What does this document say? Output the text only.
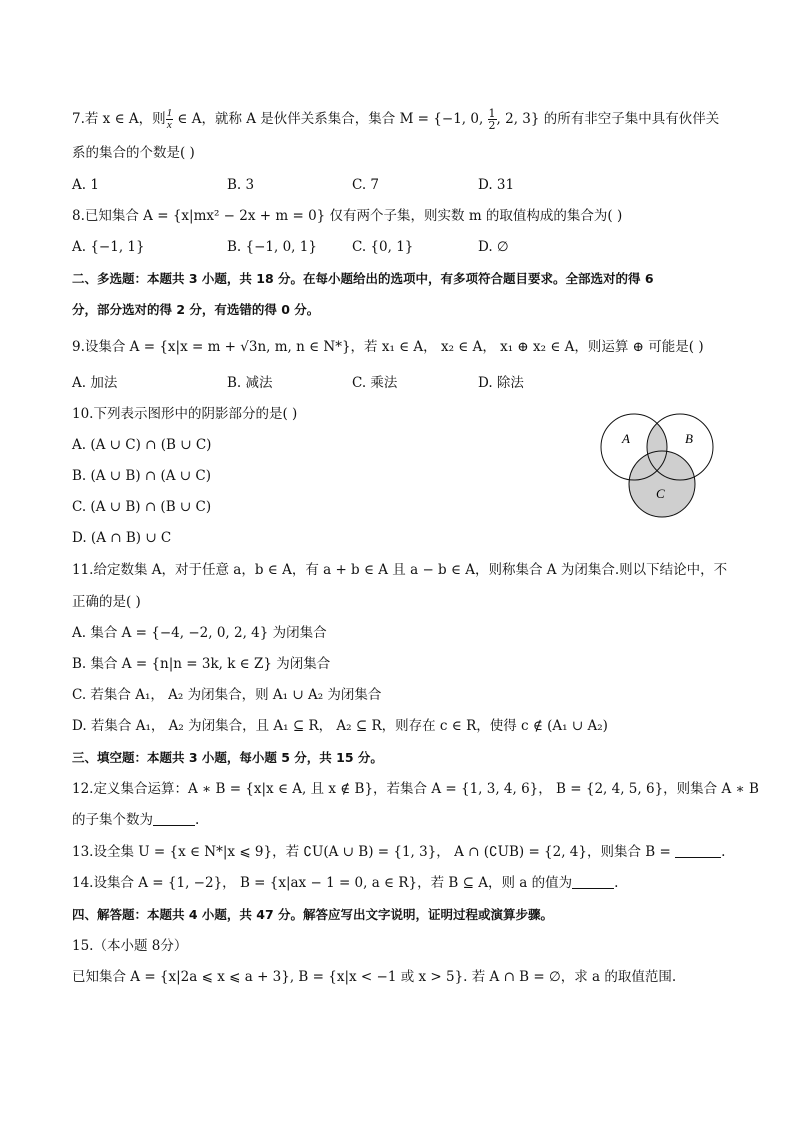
7.若 x ∈ A，则 $\frac{1}{x}$ ∈ A，就称 A 是伙伴关系集合，集合 M = {−1, 0, $\frac{1}{2}$ , 2, 3} 的所有非空子集中具有伙伴关
系的集合的个数是( )
A. 1	B. 3	C. 7	D. 31
8.已知集合 A = {x|mx² − 2x + m = 0} 仅有两个子集，则实数 m 的取值构成的集合为( )
A. {−1, 1}	B. {−1, 0, 1}	C. {0, 1}	D. ∅
二、多选题：本题共 3 小题，共 18 分。在每小题给出的选项中，有多项符合题目要求。全部选对的得 6
分，部分选对的得 2 分，有选错的得 0 分。
9.设集合 A = {x|x = m + √3n, m, n ∈ N*}，若 x₁ ∈ A， x₂ ∈ A， x₁ ⊕ x₂ ∈ A，则运算 ⊕ 可能是( )
A. 加法	B. 减法	C. 乘法	D. 除法
10.下列表示图形中的阴影部分的是( )
A. (A ∪ C) ∩ (B ∪ C)
B. (A ∪ B) ∩ (A ∪ C)
C. (A ∪ B) ∩ (B ∪ C)
D. (A ∩ B) ∪ C
A	B
C
11.给定数集 A，对于任意 a，b ∈ A，有 a + b ∈ A 且 a − b ∈ A，则称集合 A 为闭集合.则以下结论中，不
正确的是( )
A. 集合 A = {−4, −2, 0, 2, 4} 为闭集合
B. 集合 A = {n|n = 3k, k ∈ Z} 为闭集合
C. 若集合 A₁， A₂ 为闭集合，则 A₁ ∪ A₂ 为闭集合
D. 若集合 A₁， A₂ 为闭集合，且 A₁ ⊆ R， A₂ ⊆ R，则存在 c ∈ R，使得 c ∉ (A₁ ∪ A₂)
三、填空题：本题共 3 小题，每小题 5 分，共 15 分。
12.定义集合运算：A ∗ B = {x|x ∈ A, 且 x ∉ B}，若集合 A = {1, 3, 4, 6}， B = {2, 4, 5, 6}，则集合 A ∗ B
的子集个数为	.
13.设全集 U = {x ∈ N*|x ⩽ 9}，若 ∁U(A ∪ B) = {1, 3}， A ∩ (∁UB) = {2, 4}，则集合 B =	.
14.设集合 A = {1, −2}， B = {x|ax − 1 = 0, a ∈ R}，若 B ⊆ A，则 a 的值为	.
四、解答题：本题共 4 小题，共 47 分。解答应写出文字说明，证明过程或演算步骤。
15.（本小题 8分）
已知集合 A = {x|2a ⩽ x ⩽ a + 3}, B = {x|x < −1 或 x > 5}. 若 A ∩ B = ∅，求 a 的取值范围.
